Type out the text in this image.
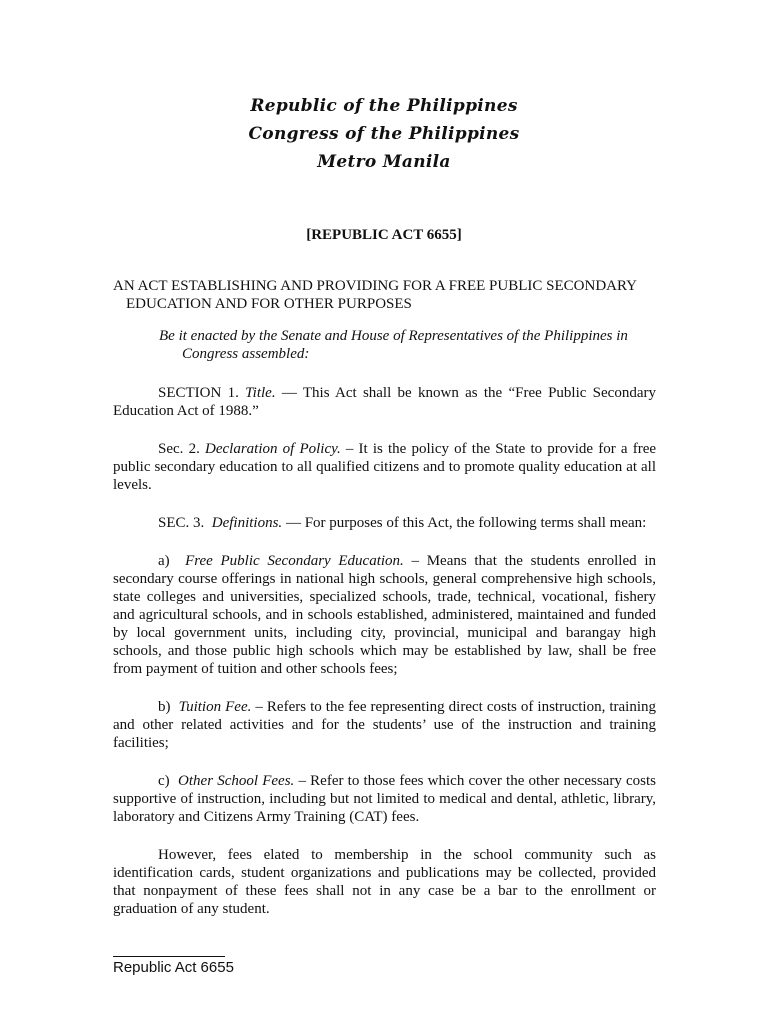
Republic of the Philippines
Congress of the Philippines
Metro Manila
[REPUBLIC ACT 6655]

AN ACT ESTABLISHING AND PROVIDING FOR A FREE PUBLIC SECONDARY EDUCATION AND FOR OTHER PURPOSES

Be it enacted by the Senate and House of Representatives of the Philippines in
Congress assembled:

SECTION 1. Title. — This Act shall be known as the “Free Public Secondary Education Act of 1988.”

Sec. 2. Declaration of Policy. – It is the policy of the State to provide for a free public secondary education to all qualified citizens and to promote quality education at all levels.

SEC. 3. Definitions. — For purposes of this Act, the following terms shall mean:

a) Free Public Secondary Education. – Means that the students enrolled in secondary course offerings in national high schools, general comprehensive high schools, state colleges and universities, specialized schools, trade, technical, vocational, fishery and agricultural schools, and in schools established, administered, maintained and funded by local government units, including city, provincial, municipal and barangay high schools, and those public high schools which may be established by law, shall be free from payment of tuition and other schools fees;

b) Tuition Fee. – Refers to the fee representing direct costs of instruction, training and other related activities and for the students’ use of the instruction and training facilities;

c) Other School Fees. – Refer to those fees which cover the other necessary costs supportive of instruction, including but not limited to medical and dental, athletic, library, laboratory and Citizens Army Training (CAT) fees.

However, fees elated to membership in the school community such as identification cards, student organizations and publications may be collected, provided that nonpayment of these fees shall not in any case be a bar to the enrollment or graduation of any student.

Republic Act 6655
